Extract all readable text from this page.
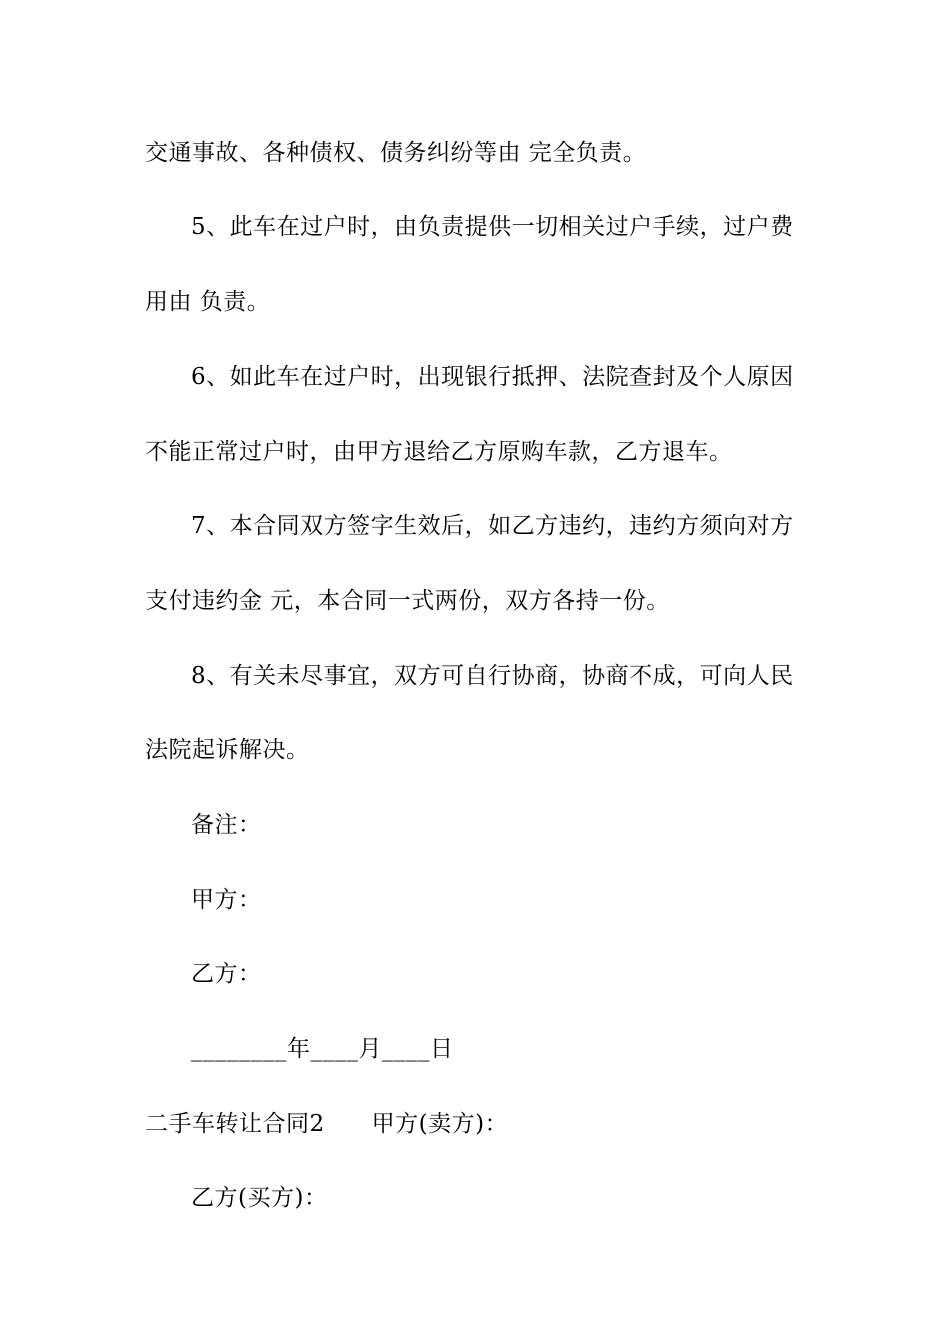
交通事故、各种债权、债务纠纷等由 完全负责。
5、此车在过户时，由负责提供一切相关过户手续，过户费
用由 负责。
6、如此车在过户时，出现银行抵押、法院查封及个人原因
不能正常过户时，由甲方退给乙方原购车款，乙方退车。
7、本合同双方签字生效后，如乙方违约，违约方须向对方
支付违约金 元，本合同一式两份，双方各持一份。
8、有关未尽事宜，双方可自行协商，协商不成，可向人民
法院起诉解决。
备注：
甲方：
乙方：
________年____月____日
二手车转让合同2　　甲方(卖方)：
乙方(买方)：
